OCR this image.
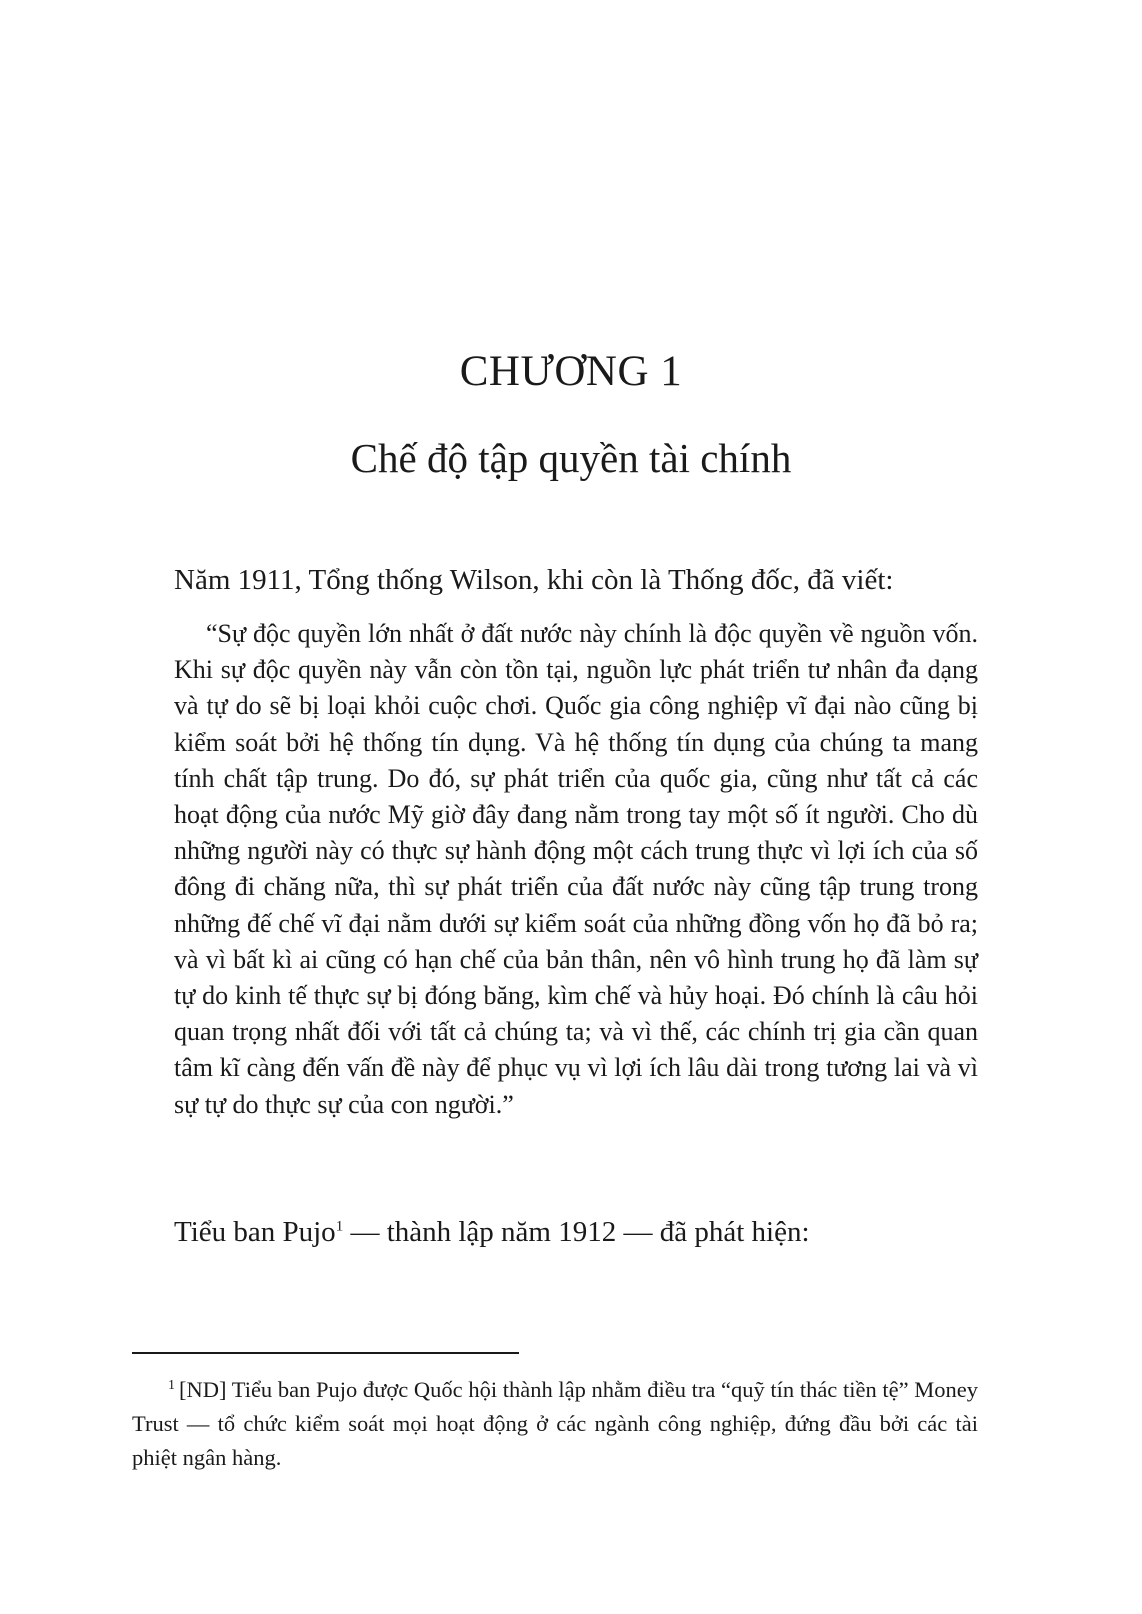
CHƯƠNG 1
Chế độ tập quyền tài chính
Năm 1911, Tổng thống Wilson, khi còn là Thống đốc, đã viết:

“Sự độc quyền lớn nhất ở đất nước này chính là độc quyền về nguồn vốn. Khi sự độc quyền này vẫn còn tồn tại, nguồn lực phát triển tư nhân đa dạng và tự do sẽ bị loại khỏi cuộc chơi. Quốc gia công nghiệp vĩ đại nào cũng bị kiểm soát bởi hệ thống tín dụng. Và hệ thống tín dụng của chúng ta mang tính chất tập trung. Do đó, sự phát triển của quốc gia, cũng như tất cả các hoạt động của nước Mỹ giờ đây đang nằm trong tay một số ít người. Cho dù những người này có thực sự hành động một cách trung thực vì lợi ích của số đông đi chăng nữa, thì sự phát triển của đất nước này cũng tập trung trong những đế chế vĩ đại nằm dưới sự kiểm soát của những đồng vốn họ đã bỏ ra; và vì bất kì ai cũng có hạn chế của bản thân, nên vô hình trung họ đã làm sự tự do kinh tế thực sự bị đóng băng, kìm chế và hủy hoại. Đó chính là câu hỏi quan trọng nhất đối với tất cả chúng ta; và vì thế, các chính trị gia cần quan tâm kĩ càng đến vấn đề này để phục vụ vì lợi ích lâu dài trong tương lai và vì sự tự do thực sự của con người.”

Tiểu ban Pujo$^1$ — thành lập năm 1912 — đã phát hiện:

$^1$ [ND] Tiểu ban Pujo được Quốc hội thành lập nhằm điều tra “quỹ tín thác tiền tệ” Money Trust — tổ chức kiểm soát mọi hoạt động ở các ngành công nghiệp, đứng đầu bởi các tài phiệt ngân hàng.
